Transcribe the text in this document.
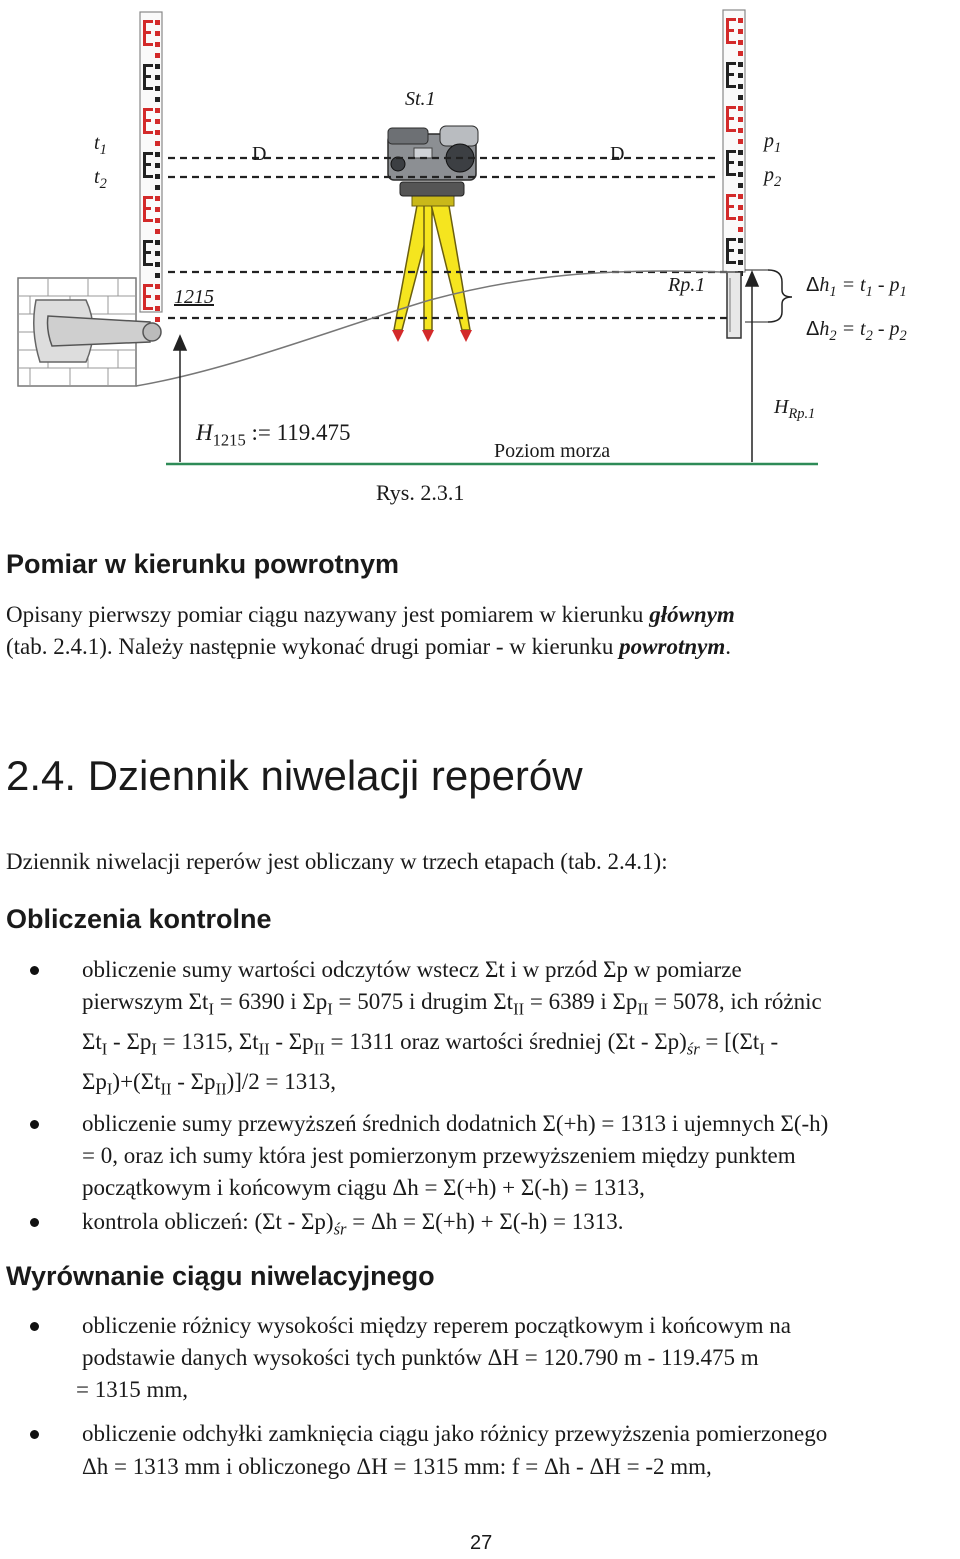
St.1
$t_1$
$t_2$
D	D
$p_1$
$p_2$
1215
Rp.1	$\Delta h_1 = t_1 - p_1$
$\Delta h_2 = t_2 - p_2$
$H_{Rp.1}$
$H_{1215}$ := 119.475
Poziom morza
Rys. 2.3.1
Pomiar w kierunku powrotnym
Opisany pierwszy pomiar ciągu nazywany jest pomiarem w kierunku głównym
(tab. 2.4.1). Należy następnie wykonać drugi pomiar - w kierunku powrotnym.
2.4. Dziennik niwelacji reperów
Dziennik niwelacji reperów jest obliczany w trzech etapach (tab. 2.4.1):
Obliczenia kontrolne
obliczenie sumy wartości odczytów wstecz Σt i w przód Σp w pomiarze
pierwszym $\Sigma t_I = 6390$ i $\Sigma p_I = 5075$ i drugim $\Sigma t_{II} = 6389$ i $\Sigma p_{II} = 5078$, ich różnic
$\Sigma t_I - \Sigma p_I = 1315$, $\Sigma t_{II} - \Sigma p_{II} = 1311$ oraz wartości średniej $(\Sigma t - \Sigma p)_{śr} = [(\Sigma t_I$ -
$\Sigma p_I)+(\Sigma t_{II} - \Sigma p_{II})]/2 = 1313$,
obliczenie sumy przewyższeń średnich dodatnich Σ(+h) = 1313 i ujemnych Σ(-h)
= 0, oraz ich sumy która jest pomierzonym przewyższeniem między punktem
początkowym i końcowym ciągu Δh = Σ(+h) + Σ(-h) = 1313,
kontrola obliczeń: $(\Sigma t - \Sigma p)_{śr} = \Delta h = \Sigma(+h) + \Sigma(-h) = 1313$.
Wyrównanie ciągu niwelacyjnego
obliczenie różnicy wysokości między reperem początkowym i końcowym na
podstawie danych wysokości tych punktów ΔH = 120.790 m - 119.475 m
= 1315 mm,
obliczenie odchyłki zamknięcia ciągu jako różnicy przewyższenia pomierzonego
Δh = 1313 mm i obliczonego ΔH = 1315 mm: f = Δh - ΔH = -2 mm,
27
